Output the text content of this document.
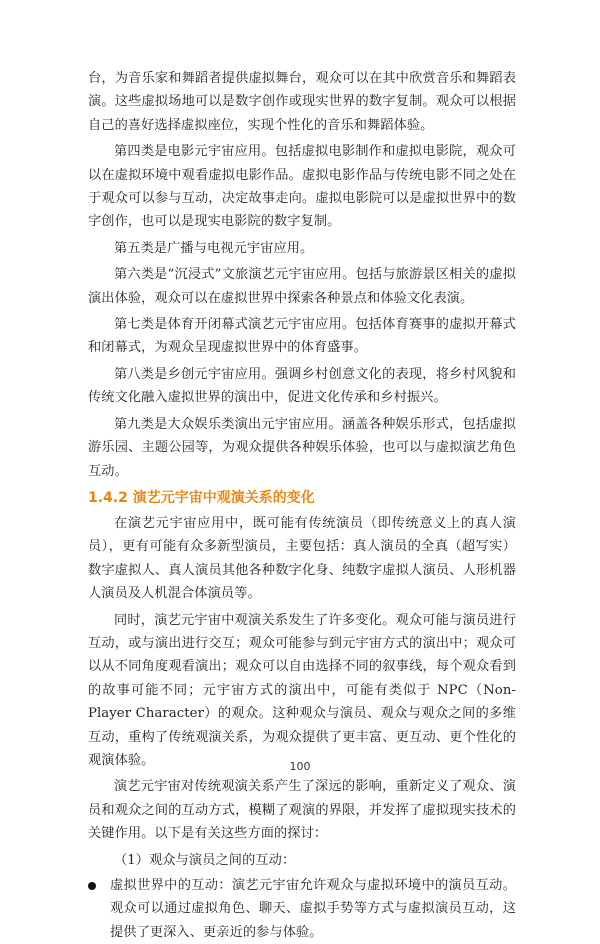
台，为音乐家和舞蹈者提供虚拟舞台，观众可以在其中欣赏音乐和舞蹈表演。这些虚拟场地可以是数字创作或现实世界的数字复制。观众可以根据自己的喜好选择虚拟座位，实现个性化的音乐和舞蹈体验。

第四类是电影元宇宙应用。包括虚拟电影制作和虚拟电影院，观众可以在虚拟环境中观看虚拟电影作品。虚拟电影作品与传统电影不同之处在于观众可以参与互动，决定故事走向。虚拟电影院可以是虚拟世界中的数字创作，也可以是现实电影院的数字复制。

第五类是广播与电视元宇宙应用。

第六类是“沉浸式”文旅演艺元宇宙应用。包括与旅游景区相关的虚拟演出体验，观众可以在虚拟世界中探索各种景点和体验文化表演。

第七类是体育开闭幕式演艺元宇宙应用。包括体育赛事的虚拟开幕式和闭幕式，为观众呈现虚拟世界中的体育盛事。

第八类是乡创元宇宙应用。强调乡村创意文化的表现，将乡村风貌和传统文化融入虚拟世界的演出中，促进文化传承和乡村振兴。

第九类是大众娱乐类演出元宇宙应用。涵盖各种娱乐形式，包括虚拟游乐园、主题公园等，为观众提供各种娱乐体验，也可以与虚拟演艺角色互动。

1.4.2 演艺元宇宙中观演关系的变化

在演艺元宇宙应用中，既可能有传统演员（即传统意义上的真人演员），更有可能有众多新型演员，主要包括：真人演员的全真（超写实）数字虚拟人、真人演员其他各种数字化身、纯数字虚拟人演员、人形机器人演员及人机混合体演员等。

同时，演艺元宇宙中观演关系发生了许多变化。观众可能与演员进行互动，或与演出进行交互；观众可能参与到元宇宙方式的演出中；观众可以从不同角度观看演出；观众可以自由选择不同的叙事线，每个观众看到的故事可能不同；元宇宙方式的演出中，可能有类似于 NPC（Non-Player Character）的观众。这种观众与演员、观众与观众之间的多维互动，重构了传统观演关系，为观众提供了更丰富、更互动、更个性化的观演体验。

演艺元宇宙对传统观演关系产生了深远的影响，重新定义了观众、演员和观众之间的互动方式，模糊了观演的界限，并发挥了虚拟现实技术的关键作用。以下是有关这些方面的探讨：

（1）观众与演员之间的互动：

虚拟世界中的互动：演艺元宇宙允许观众与虚拟环境中的演员互动。观众可以通过虚拟角色、聊天、虚拟手势等方式与虚拟演员互动，这提供了更深入、更亲近的参与体验。

100
